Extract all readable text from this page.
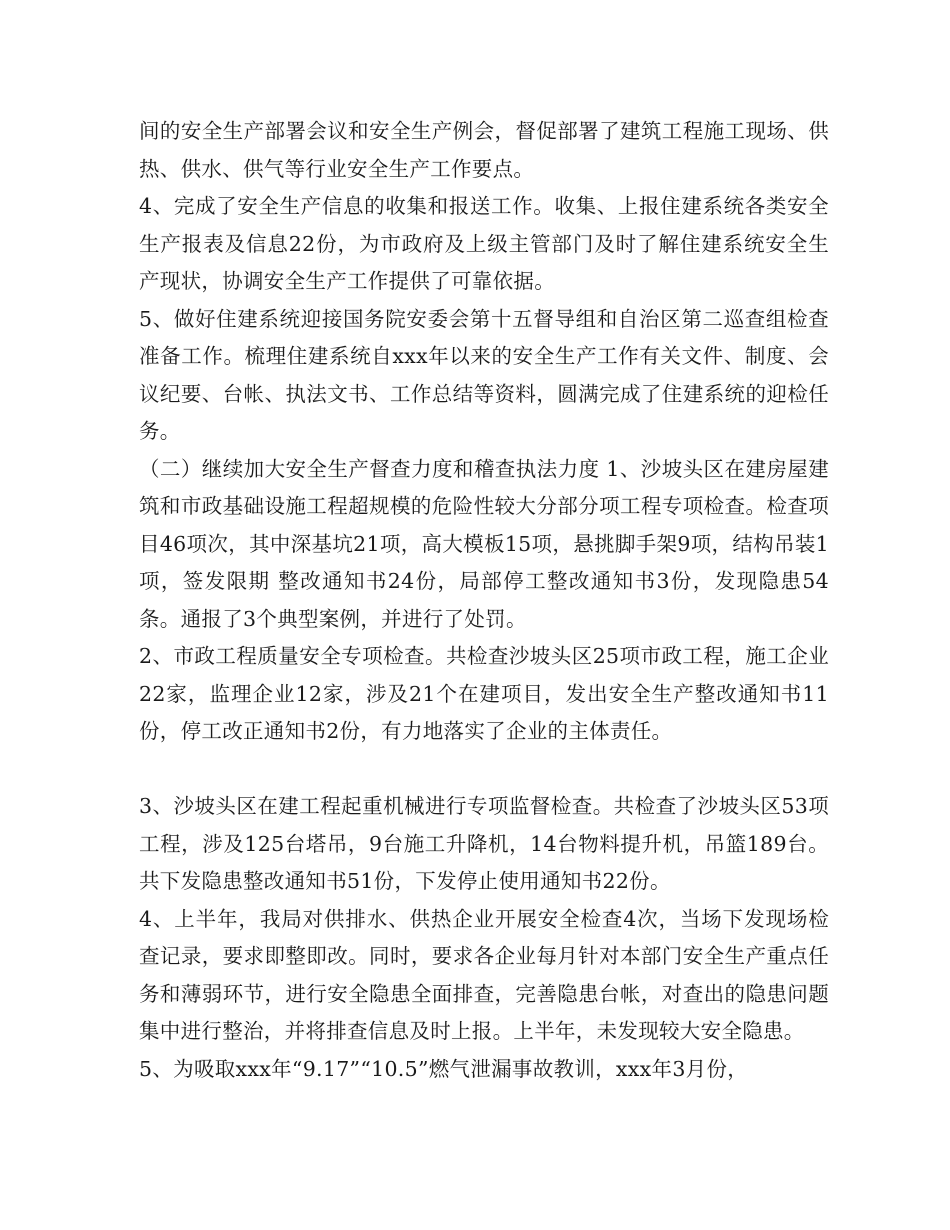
间的安全生产部署会议和安全生产例会，督促部署了建筑工程施工现场、供热、供水、供气等行业安全生产工作要点。

4、完成了安全生产信息的收集和报送工作。收集、上报住建系统各类安全生产报表及信息22份，为市政府及上级主管部门及时了解住建系统安全生产现状，协调安全生产工作提供了可靠依据。

5、做好住建系统迎接国务院安委会第十五督导组和自治区第二巡查组检查准备工作。梳理住建系统自xxx年以来的安全生产工作有关文件、制度、会议纪要、台帐、执法文书、工作总结等资料，圆满完成了住建系统的迎检任务。

（二）继续加大安全生产督查力度和稽查执法力度 1、沙坡头区在建房屋建筑和市政基础设施工程超规模的危险性较大分部分项工程专项检查。检查项目46项次，其中深基坑21项，高大模板15项，悬挑脚手架9项，结构吊装1项，签发限期 整改通知书24份，局部停工整改通知书3份，发现隐患54条。通报了3个典型案例，并进行了处罚。

2、市政工程质量安全专项检查。共检查沙坡头区25项市政工程，施工企业22家，监理企业12家，涉及21个在建项目，发出安全生产整改通知书11份，停工改正通知书2份，有力地落实了企业的主体责任。

3、沙坡头区在建工程起重机械进行专项监督检查。共检查了沙坡头区53项工程，涉及125台塔吊，9台施工升降机，14台物料提升机，吊篮189台。共下发隐患整改通知书51份，下发停止使用通知书22份。

4、上半年，我局对供排水、供热企业开展安全检查4次，当场下发现场检查记录，要求即整即改。同时，要求各企业每月针对本部门安全生产重点任务和薄弱环节，进行安全隐患全面排查，完善隐患台帐，对查出的隐患问题集中进行整治，并将排查信息及时上报。上半年，未发现较大安全隐患。

5、为吸取xxx年“9.17”“10.5”燃气泄漏事故教训，xxx年3月份，
